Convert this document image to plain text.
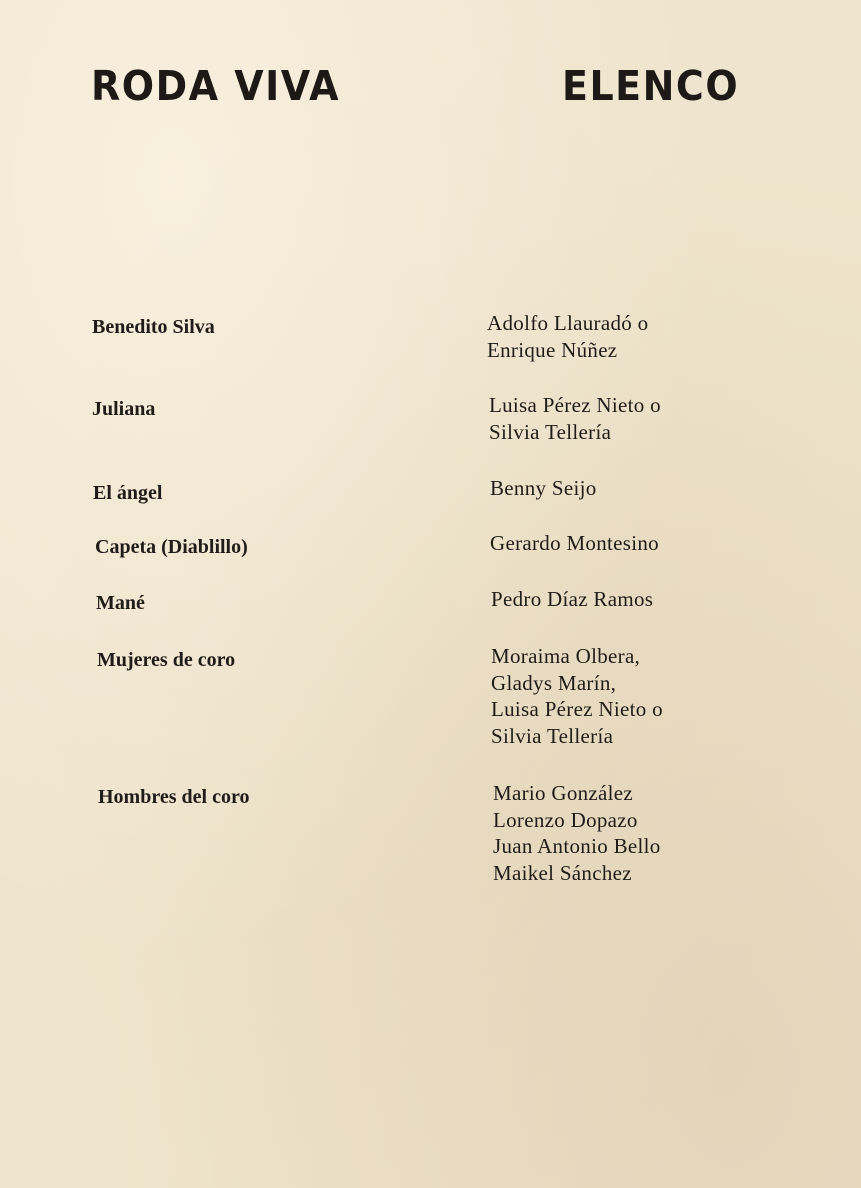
RODA VIVA	ELENCO
Benedito Silva	Adolfo Llauradó o
Enrique Núñez
Juliana	Luisa Pérez Nieto o
Silvia Tellería
El ángel	Benny Seijo
Capeta (Diablillo)	Gerardo Montesino
Mané	Pedro Díaz Ramos
Mujeres de coro	Moraima Olbera,
Gladys Marín,
Luisa Pérez Nieto o
Silvia Tellería
Hombres del coro	Mario González
Lorenzo Dopazo
Juan Antonio Bello
Maikel Sánchez
